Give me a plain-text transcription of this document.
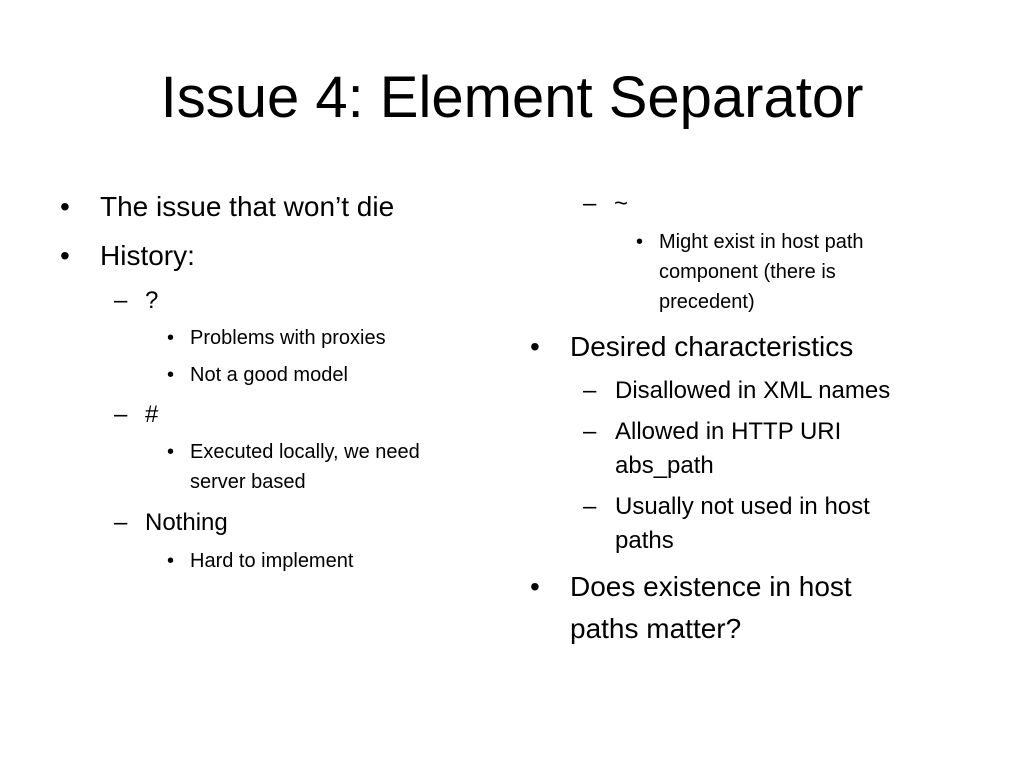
Issue 4: Element Separator
• The issue that won’t die
• History:
– ?
• Problems with proxies
• Not a good model
– #
• Executed locally, we need
server based
– Nothing
• Hard to implement
– ~
• Might exist in host path
component (there is
precedent)
• Desired characteristics
– Disallowed in XML names
– Allowed in HTTP URI
abs_path
– Usually not used in host
paths
• Does existence in host
paths matter?
